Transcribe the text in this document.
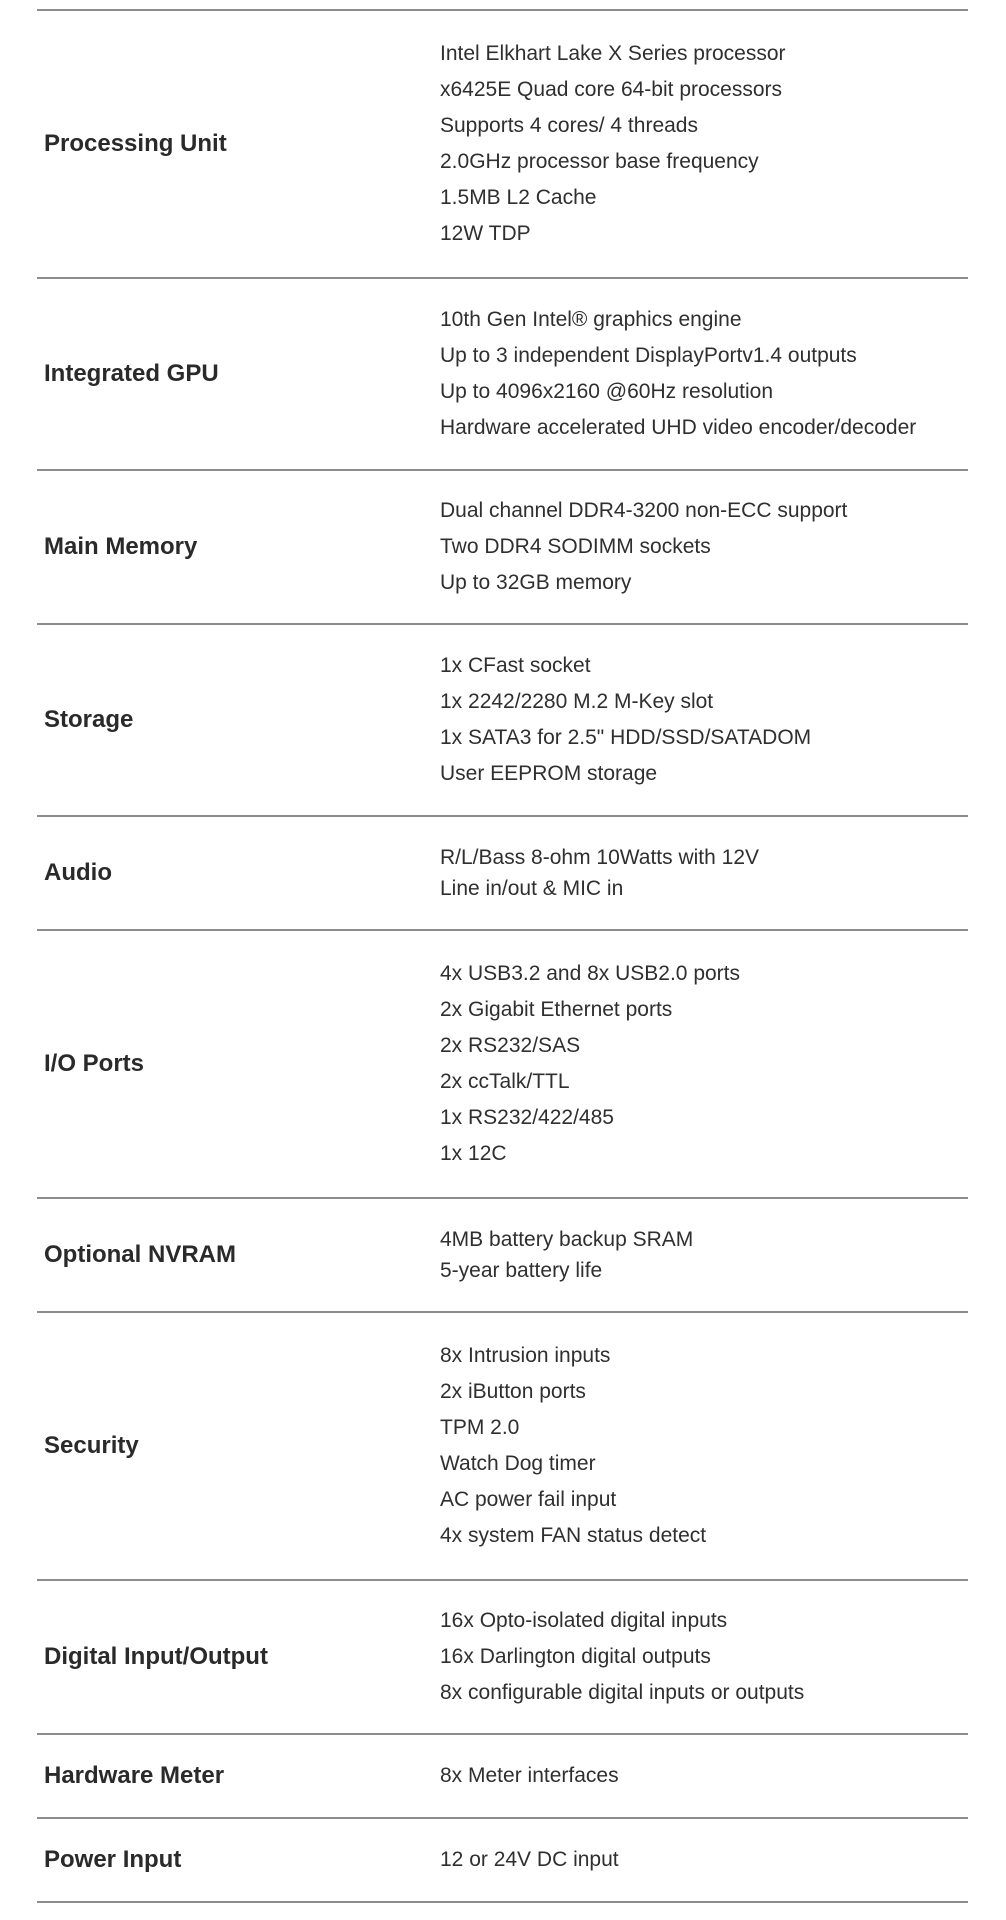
Processing Unit
Intel Elkhart Lake X Series processor
x6425E Quad core 64-bit processors
Supports 4 cores/ 4 threads
2.0GHz processor base frequency
1.5MB L2 Cache
12W TDP
Integrated GPU
10th Gen Intel® graphics engine
Up to 3 independent DisplayPortv1.4 outputs
Up to 4096x2160 @60Hz resolution
Hardware accelerated UHD video encoder/decoder
Main Memory
Dual channel DDR4-3200 non-ECC support
Two DDR4 SODIMM sockets
Up to 32GB memory
Storage
1x CFast socket
1x 2242/2280 M.2 M-Key slot
1x SATA3 for 2.5" HDD/SSD/SATADOM
User EEPROM storage
Audio
R/L/Bass 8-ohm 10Watts with 12V
Line in/out & MIC in
I/O Ports
4x USB3.2 and 8x USB2.0 ports
2x Gigabit Ethernet ports
2x RS232/SAS
2x ccTalk/TTL
1x RS232/422/485
1x 12C
Optional NVRAM
4MB battery backup SRAM
5-year battery life
Security
8x Intrusion inputs
2x iButton ports
TPM 2.0
Watch Dog timer
AC power fail input
4x system FAN status detect
Digital Input/Output
16x Opto-isolated digital inputs
16x Darlington digital outputs
8x configurable digital inputs or outputs
Hardware Meter	8x Meter interfaces
Power Input	12 or 24V DC input
